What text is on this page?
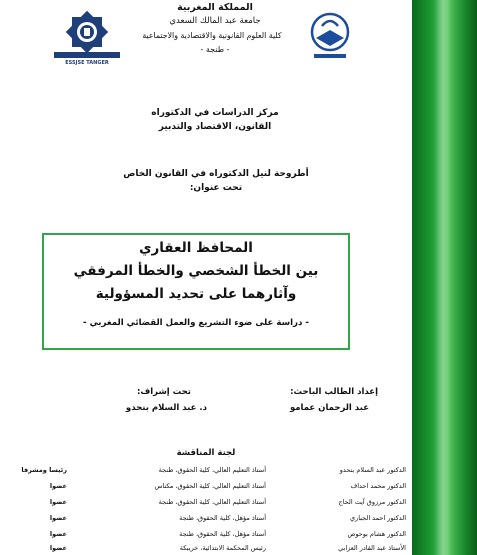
ESSJSE TANGER
المملكة المغربية
جامعة عبد المالك السعدي
كلية العلوم القانونية والاقتصادية والاجتماعية
- طنجة -
مركز الدراسات في الدكتوراه
القانون، الاقتصاد والتدبير
أطروحة لنيل الدكتوراه في القانون الخاص
تحت عنوان:
المحافظ العقاري
بين الخطأ الشخصي والخطأ المرفقي
وآثارهما على تحديد المسؤولية
- دراسة على ضوء التشريع والعمل القضائي المغربي -
إعداد الطالب الباحث:
عبد الرحمان عمامو
تحت إشراف:
د. عبد السلام بنحدو
لجنة المناقشة
الدكتور عبد السلام بنحدو
أستاذ التعليم العالي، كلية الحقوق، طنجة
رئيسا ومشرفا
الدكتور محمد احداف
أستاذ التعليم العالي، كلية الحقوق، مكناس
عضوا
الدكتور مرزوق آيت الحاج
أستاذ التعليم العالي، كلية الحقوق، طنجة
عضوا
الدكتور احمد الجباري
أستاذ مؤهل، كلية الحقوق، طنجة
عضوا
الدكتور هشام بوحوص
أستاذ مؤهل، كلية الحقوق، طنجة
عضوا
الأستاذ عبد القادر العزابي
رئيس المحكمة الابتدائية، خريبكة
عضوا
